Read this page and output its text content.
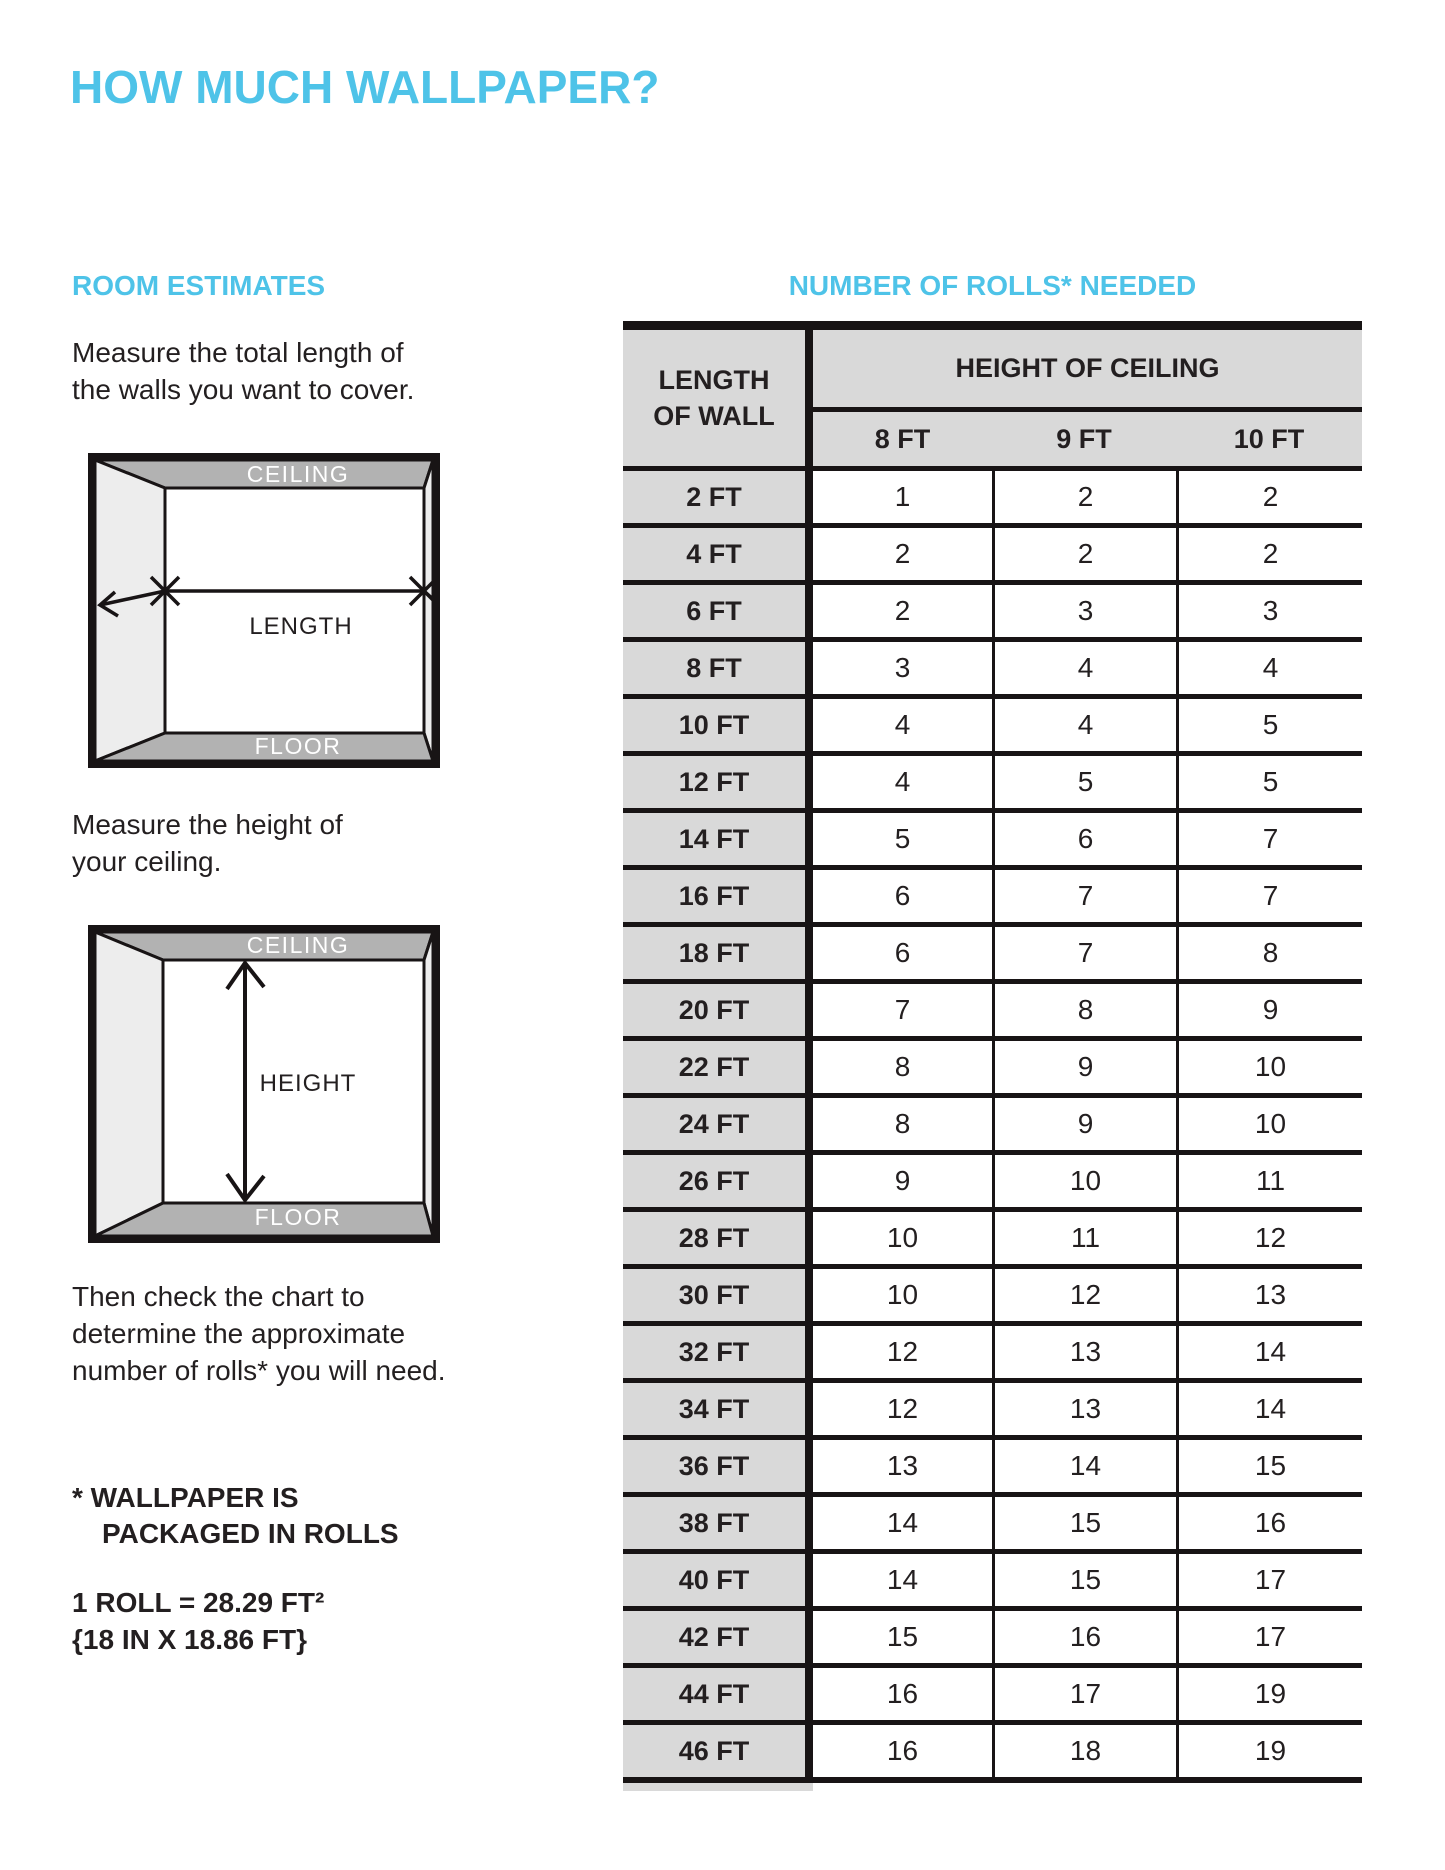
HOW MUCH WALLPAPER?
ROOM ESTIMATES	NUMBER OF ROLLS* NEEDED
Measure the total length of
the walls you want to cover.
CEILING
FLOOR
LENGTH
Measure the height of
your ceiling.
CEILING
FLOOR
HEIGHT
Then check the chart to
determine the approximate
number of rolls* you will need.
* WALLPAPER IS
PACKAGED IN ROLLS
1 ROLL = 28.29 FT²
{18 IN X 18.86 FT}
LENGTH
OF WALL
HEIGHT OF CEILING
8 FT	9 FT	10 FT
2 FT	1	2	2
4 FT	2	2	2
6 FT	2	3	3
8 FT	3	4	4
10 FT	4	4	5
12 FT	4	5	5
14 FT	5	6	7
16 FT	6	7	7
18 FT	6	7	8
20 FT	7	8	9
22 FT	8	9	10
24 FT	8	9	10
26 FT	9	10	11
28 FT	10	11	12
30 FT	10	12	13
32 FT	12	13	14
34 FT	12	13	14
36 FT	13	14	15
38 FT	14	15	16
40 FT	14	15	17
42 FT	15	16	17
44 FT	16	17	19
46 FT	16	18	19
